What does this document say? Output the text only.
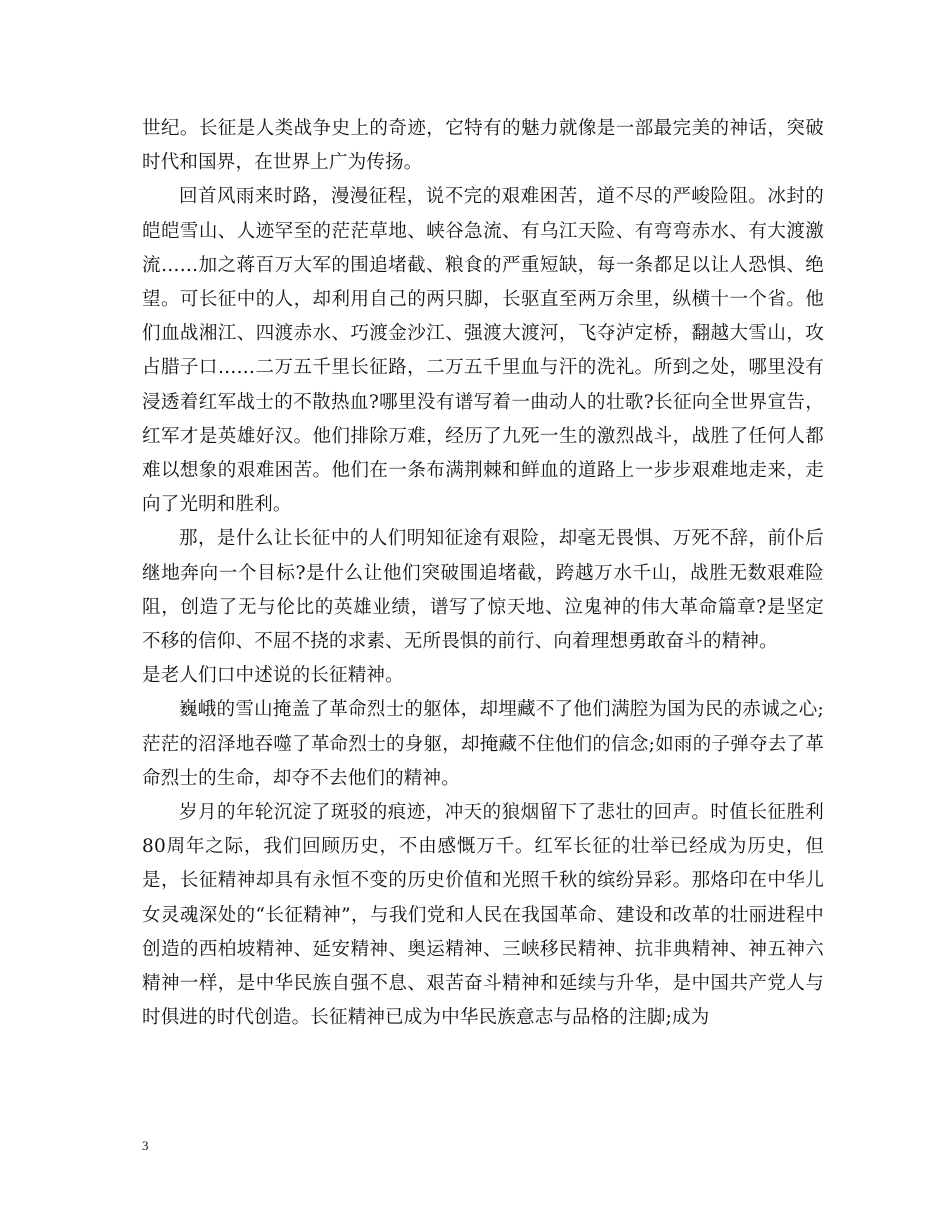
世纪。长征是人类战争史上的奇迹，它特有的魅力就像是一部最完美的神话，突破时代和国界，在世界上广为传扬。

回首风雨来时路，漫漫征程，说不完的艰难困苦，道不尽的严峻险阻。冰封的皑皑雪山、人迹罕至的茫茫草地、峡谷急流、有乌江天险、有弯弯赤水、有大渡激流……加之蒋百万大军的围追堵截、粮食的严重短缺，每一条都足以让人恐惧、绝望。可长征中的人，却利用自己的两只脚，长驱直至两万余里，纵横十一个省。他们血战湘江、四渡赤水、巧渡金沙江、强渡大渡河，飞夺泸定桥，翻越大雪山，攻占腊子口……二万五千里长征路，二万五千里血与汗的洗礼。所到之处，哪里没有浸透着红军战士的不散热血?哪里没有谱写着一曲动人的壮歌?长征向全世界宣告，红军才是英雄好汉。他们排除万难，经历了九死一生的激烈战斗，战胜了任何人都难以想象的艰难困苦。他们在一条布满荆棘和鲜血的道路上一步步艰难地走来，走向了光明和胜利。

那，是什么让长征中的人们明知征途有艰险，却毫无畏惧、万死不辞，前仆后继地奔向一个目标?是什么让他们突破围追堵截，跨越万水千山，战胜无数艰难险阻，创造了无与伦比的英雄业绩，谱写了惊天地、泣鬼神的伟大革命篇章?是坚定不移的信仰、不屈不挠的求素、无所畏惧的前行、向着理想勇敢奋斗的精神。

是老人们口中述说的长征精神。

巍峨的雪山掩盖了革命烈士的躯体，却埋藏不了他们满腔为国为民的赤诚之心;茫茫的沼泽地吞噬了革命烈士的身躯，却掩藏不住他们的信念;如雨的子弹夺去了革命烈士的生命，却夺不去他们的精神。

岁月的年轮沉淀了斑驳的痕迹，冲天的狼烟留下了悲壮的回声。时值长征胜利80周年之际，我们回顾历史，不由感慨万千。红军长征的壮举已经成为历史，但是，长征精神却具有永恒不变的历史价值和光照千秋的缤纷异彩。那烙印在中华儿女灵魂深处的“长征精神”，与我们党和人民在我国革命、建设和改革的壮丽进程中创造的西柏坡精神、延安精神、奥运精神、三峡移民精神、抗非典精神、神五神六精神一样，是中华民族自强不息、艰苦奋斗精神和延续与升华，是中国共产党人与时俱进的时代创造。长征精神已成为中华民族意志与品格的注脚;成为

3
